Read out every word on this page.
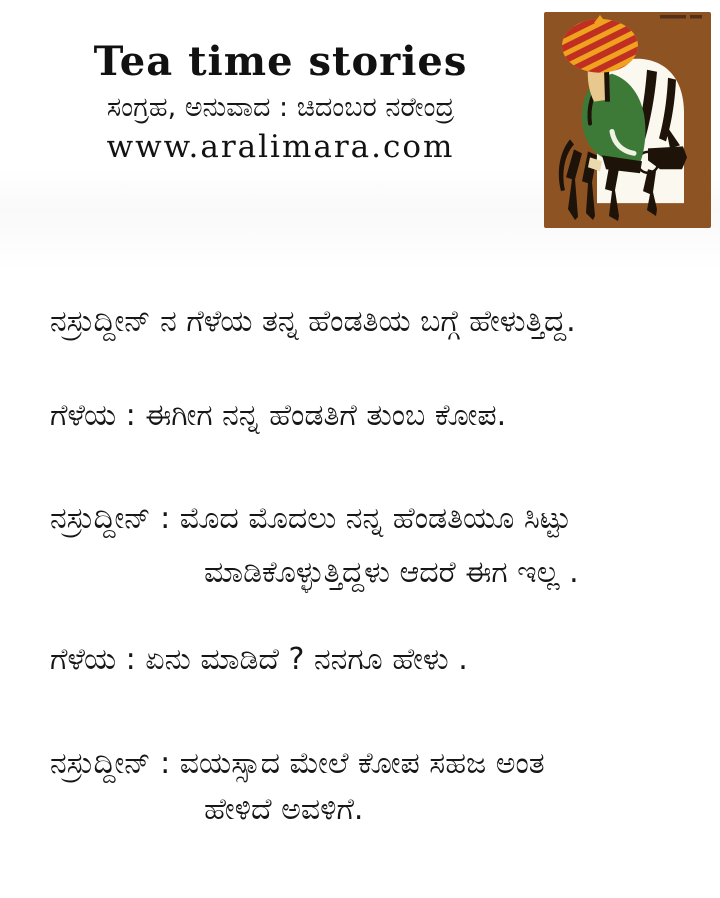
Tea time stories
ಸಂಗ್ರಹ, ಅನುವಾದ : ಚಿದಂಬರ ನರೇಂದ್ರ
www.aralimara.com
ನಸ್ರುದ್ದೀನ್ ನ ಗೆಳೆಯ ತನ್ನ ಹೆಂಡತಿಯ ಬಗ್ಗೆ ಹೇಳುತ್ತಿದ್ದ.
ಗೆಳೆಯ : ಈಗೀಗ ನನ್ನ ಹೆಂಡತಿಗೆ ತುಂಬ ಕೋಪ.
ನಸ್ರುದ್ದೀನ್ : ಮೊದ ಮೊದಲು ನನ್ನ ಹೆಂಡತಿಯೂ ಸಿಟ್ಟು
ಮಾಡಿಕೊಳ್ಳುತ್ತಿದ್ದಳು ಆದರೆ ಈಗ ಇಲ್ಲ .
ಗೆಳೆಯ : ಏನು ಮಾಡಿದೆ ? ನನಗೂ ಹೇಳು .
ನಸ್ರುದ್ದೀನ್ : ವಯಸ್ಸಾದ ಮೇಲೆ ಕೋಪ ಸಹಜ ಅಂತ
ಹೇಳಿದೆ ಅವಳಿಗೆ.
